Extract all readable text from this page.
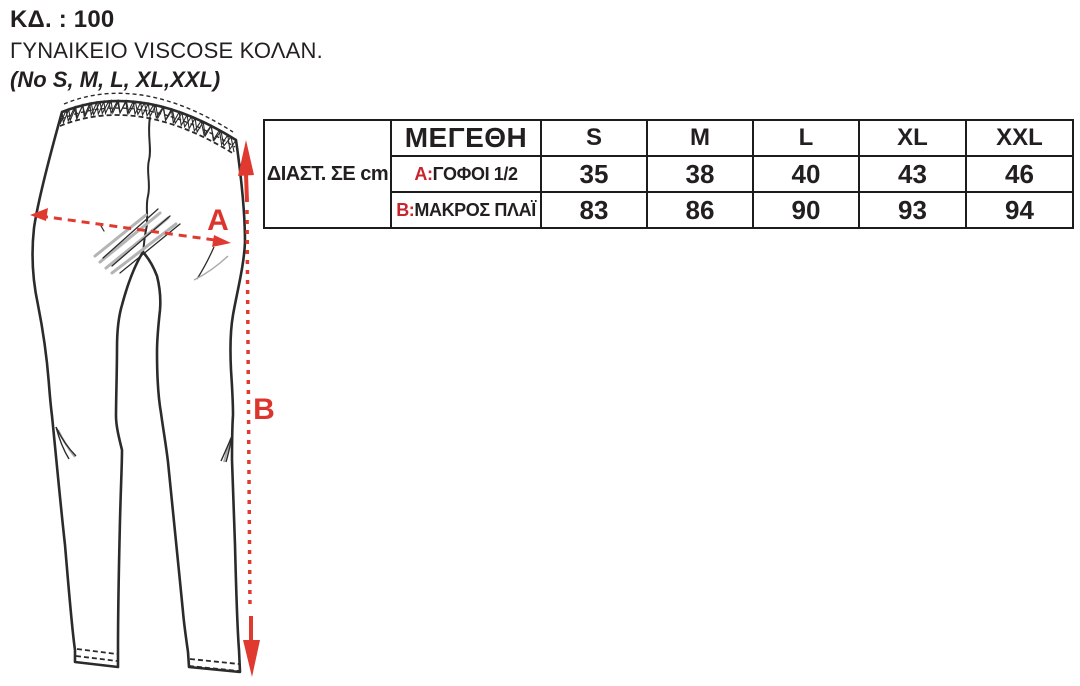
ΚΔ. : 100
ΓΥΝΑΙΚΕΙΟ VISCOSE ΚΟΛΑΝ.
(No S, M, L, XL,XXL)
A
B
ΔΙΑΣΤ. ΣΕ cm	ΜΕΓΕΘΗ	S	M	L	XL	XXL
	A:ΓΟΦΟΙ 1/2	35	38	40	43	46
	B:ΜΑΚΡΟΣ ΠΛΑΪ	83	86	90	93	94
